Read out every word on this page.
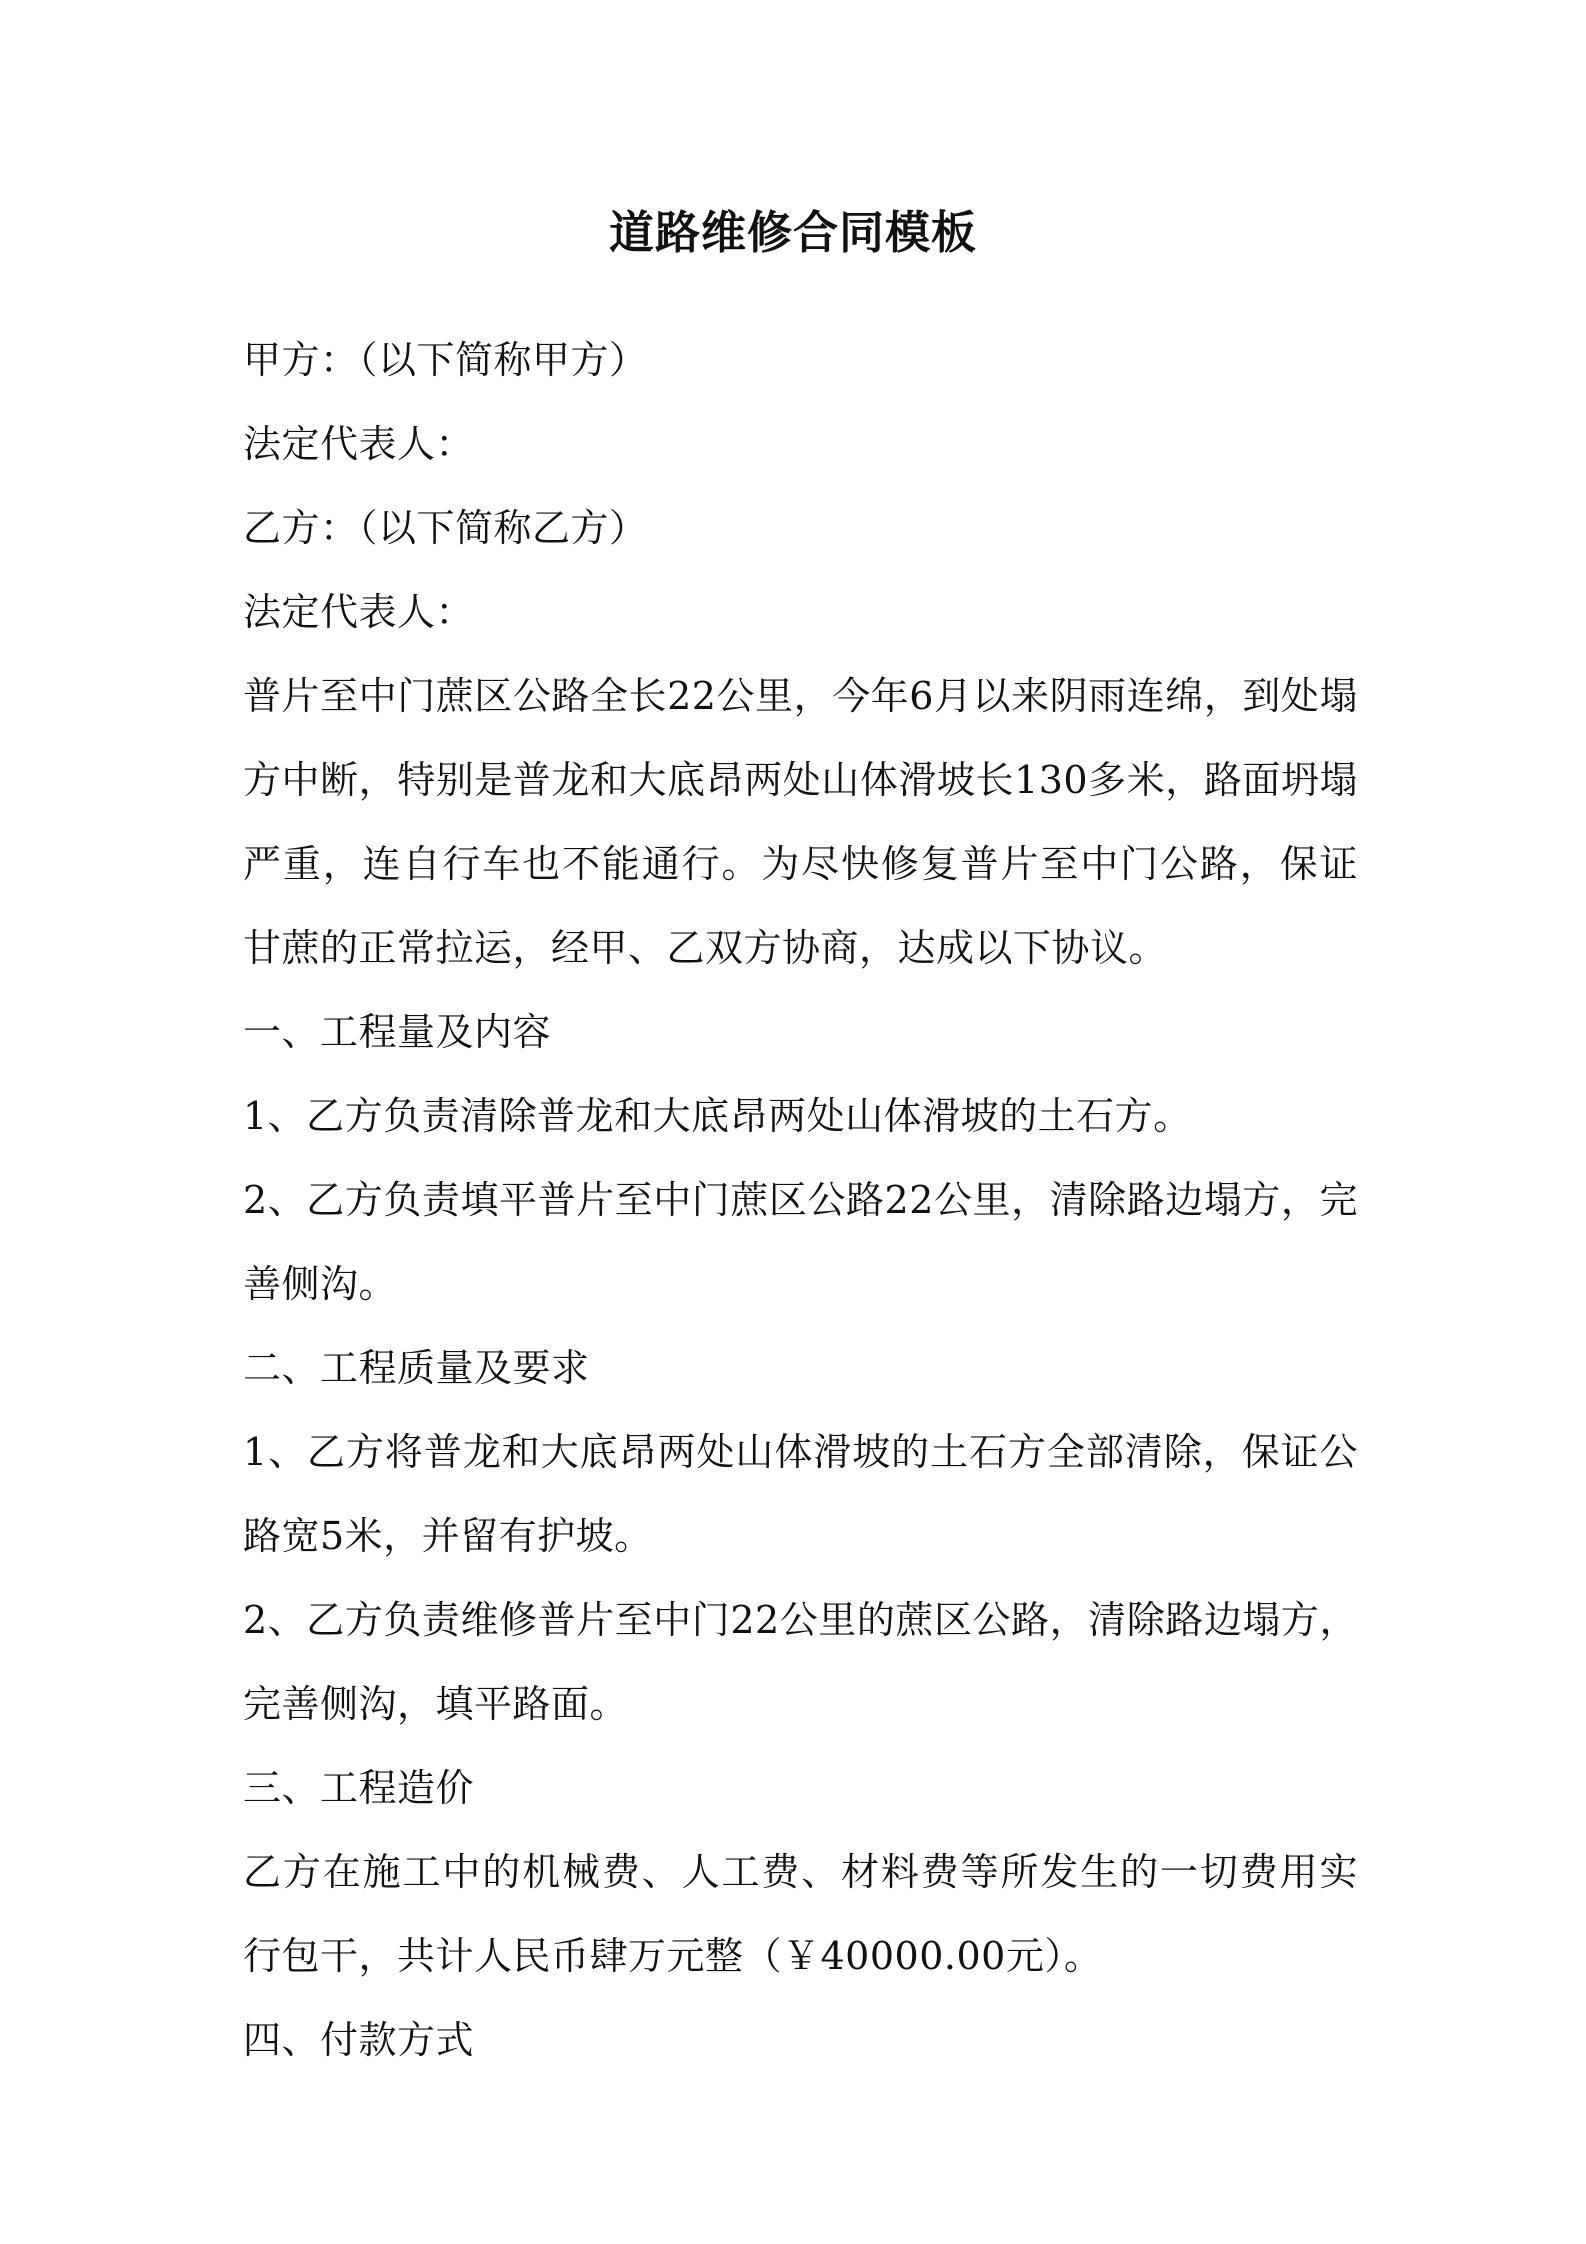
道路维修合同模板

甲方：（以下简称甲方）

法定代表人：

乙方：（以下简称乙方）

法定代表人：

普片至中门蔗区公路全长22公里，今年6月以来阴雨连绵，到处塌方中断，特别是普龙和大底昂两处山体滑坡长130多米，路面坍塌严重，连自行车也不能通行。为尽快修复普片至中门公路，保证甘蔗的正常拉运，经甲、乙双方协商，达成以下协议。

一、工程量及内容

1、乙方负责清除普龙和大底昂两处山体滑坡的土石方。

2、乙方负责填平普片至中门蔗区公路22公里，清除路边塌方，完善侧沟。

二、工程质量及要求

1、乙方将普龙和大底昂两处山体滑坡的土石方全部清除，保证公路宽5米，并留有护坡。

2、乙方负责维修普片至中门22公里的蔗区公路，清除路边塌方，完善侧沟，填平路面。

三、工程造价

乙方在施工中的机械费、人工费、材料费等所发生的一切费用实行包干，共计人民币肆万元整（￥40000.00元）。

四、付款方式
